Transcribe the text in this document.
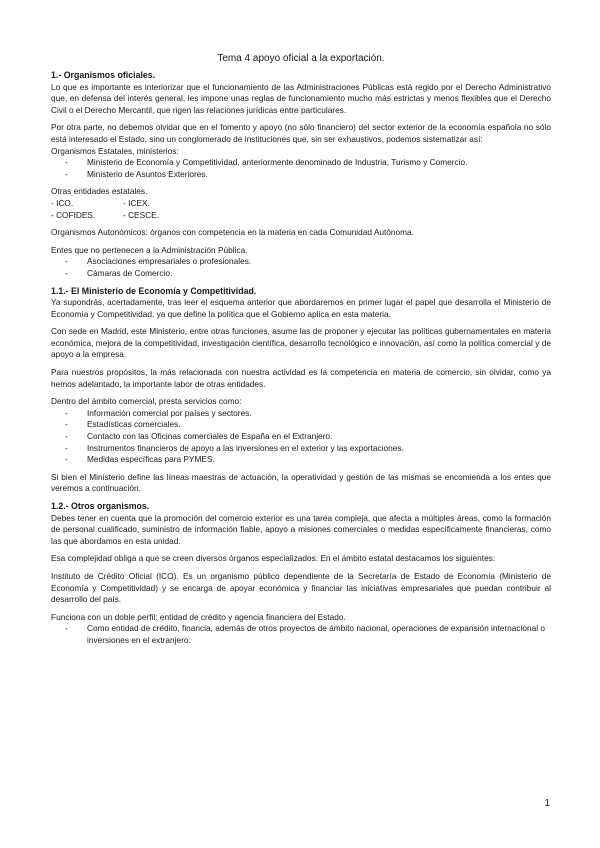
Tema 4 apoyo oficial a la exportación.
1.- Organismos oficiales.
Lo que es importante es interiorizar que el funcionamiento de las Administraciones Públicas está regido por el Derecho Administrativo que, en defensa del interés general, les impone unas reglas de funcionamiento mucho más estrictas y menos flexibles que el Derecho Civil o el Derecho Mercantil, que rigen las relaciones jurídicas entre particulares.
Por otra parte, no debemos olvidar que en el fomento y apoyo (no sólo financiero) del sector exterior de la economía española no sólo está interesado el Estado, sino un conglomerado de instituciones que, sin ser exhaustivos, podemos sistematizar así:
Organismos Estatales, ministerios:
- Ministerio de Economía y Competitividad, anteriormente denominado de Industria, Turismo y Comercio.
- Ministerio de Asuntos Exteriores.
Otras entidades estatales.
- ICO.	- ICEX.
- COFIDES.	- CESCE.
Organismos Autonómicos: órganos con competencia en la materia en cada Comunidad Autónoma.
Entes que no pertenecen a la Administración Pública.
- Asociaciones empresariales o profesionales.
- Cámaras de Comercio.
1.1.- El Ministerio de Economía y Competitividad.
Ya supondrás, acertadamente, tras leer el esquema anterior que abordaremos en primer lugar el papel que desarrolla el Ministerio de Economía y Competitividad, ya que define la política que el Gobierno aplica en esta materia.
Con sede en Madrid, este Ministerio, entre otras funciones, asume las de proponer y ejecutar las políticas gubernamentales en materia económica, mejora de la competitividad, investigación científica, desarrollo tecnológico e innovación, así como la política comercial y de apoyo a la empresa.
Para nuestros propósitos, la más relacionada con nuestra actividad es la competencia en materia de comercio, sin olvidar, como ya hemos adelantado, la importante labor de otras entidades.
Dentro del ámbito comercial, presta servicios como:
- Información comercial por países y sectores.
- Estadísticas comerciales.
- Contacto con las Oficinas comerciales de España en el Extranjero.
- Instrumentos financieros de apoyo a las inversiones en el exterior y las exportaciones.
- Medidas específicas para PYMES.
Si bien el Ministerio define las líneas maestras de actuación, la operatividad y gestión de las mismas se encomienda a los entes que veremos a continuación.
1.2.- Otros organismos.
Debes tener en cuenta que la promoción del comercio exterior es una tarea compleja, que afecta a múltiples áreas, como la formación de personal cualificado, suministro de información fiable, apoyo a misiones comerciales o medidas específicamente financieras, como las que abordamos en esta unidad.
Esa complejidad obliga a que se creen diversos órganos especializados. En el ámbito estatal destacamos los siguientes:
Instituto de Crédito Oficial (ICO). Es un organismo público dependiente de la Secretaría de Estado de Economía (Ministerio de Economía y Competitividad) y se encarga de apoyar económica y financiar las iniciativas empresariales que puedan contribuir al desarrollo del país.
Funciona con un doble perfil: entidad de crédito y agencia financiera del Estado.
- Como entidad de crédito, financia, además de otros proyectos de ámbito nacional, operaciones de expansión internacional o inversiones en el extranjero.
1
